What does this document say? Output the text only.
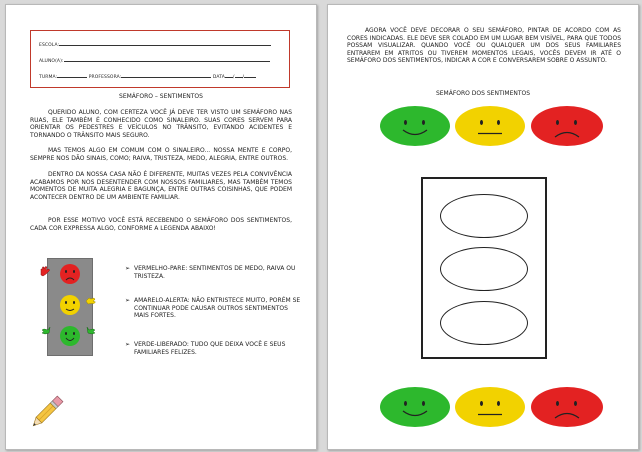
ESCOLA:
ALUNO(A):
TURMA:	PROFESSORA:	DATA / /
SEMÁFORO – SENTIMENTOS
QUERIDO ALUNO, COM CERTEZA VOCÊ JÁ DEVE TER VISTO UM SEMÁFORO NAS RUAS, ELE TAMBÉM É CONHECIDO COMO SINALEIRO. SUAS CORES SERVEM PARA ORIENTAR OS PEDESTRES E VEÍCULOS NO TRÂNSITO, EVITANDO ACIDENTES E TORNANDO O TRÂNSITO MAIS SEGURO.
MAS TEMOS ALGO EM COMUM COM O SINALEIRO... NOSSA MENTE E CORPO, SEMPRE NOS DÃO SINAIS, COMO; RAIVA, TRISTEZA, MEDO, ALEGRIA, ENTRE OUTROS.
DENTRO DA NOSSA CASA NÃO É DIFERENTE, MUITAS VEZES PELA CONVIVÊNCIA ACABAMOS POR NOS DESENTENDER COM NOSSOS FAMILIARES, MAS TAMBÉM TEMOS MOMENTOS DE MUITA ALEGRIA E BAGUNÇA, ENTRE OUTRAS COISINHAS, QUE PODEM ACONTECER DENTRO DE UM AMBIENTE FAMILIAR.
POR ESSE MOTIVO VOCÊ ESTÁ RECEBENDO O SEMÁFORO DOS SENTIMENTOS, CADA COR EXPRESSA ALGO, CONFORME A LEGENDA ABAIXO!
➢ VERMELHO-PARE: SENTIMENTOS DE MEDO, RAIVA OU TRISTEZA.
➢ AMARELO-ALERTA: NÃO ENTRISTECE MUITO, PORÉM SE CONTINUAR PODE CAUSAR OUTROS SENTIMENTOS MAIS FORTES.
➢ VERDE-LIBERADO: TUDO QUE DEIXA VOCÊ E SEUS FAMILIARES FELIZES.
AGORA VOCÊ DEVE DECORAR O SEU SEMÁFORO, PINTAR DE ACORDO COM AS CORES INDICADAS. ELE DEVE SER COLADO EM UM LUGAR BEM VISÍVEL, PARA QUE TODOS POSSAM VISUALIZAR. QUANDO VOCÊ OU QUALQUER UM DOS SEUS FAMILIARES ENTRAREM EM ATRITOS OU TIVEREM MOMENTOS LEGAIS, VOCÊS DEVEM IR ATÉ O SEMÁFORO DOS SENTIMENTOS, INDICAR A COR E CONVERSAREM SOBRE O ASSUNTO.
SEMÁFORO DOS SENTIMENTOS
